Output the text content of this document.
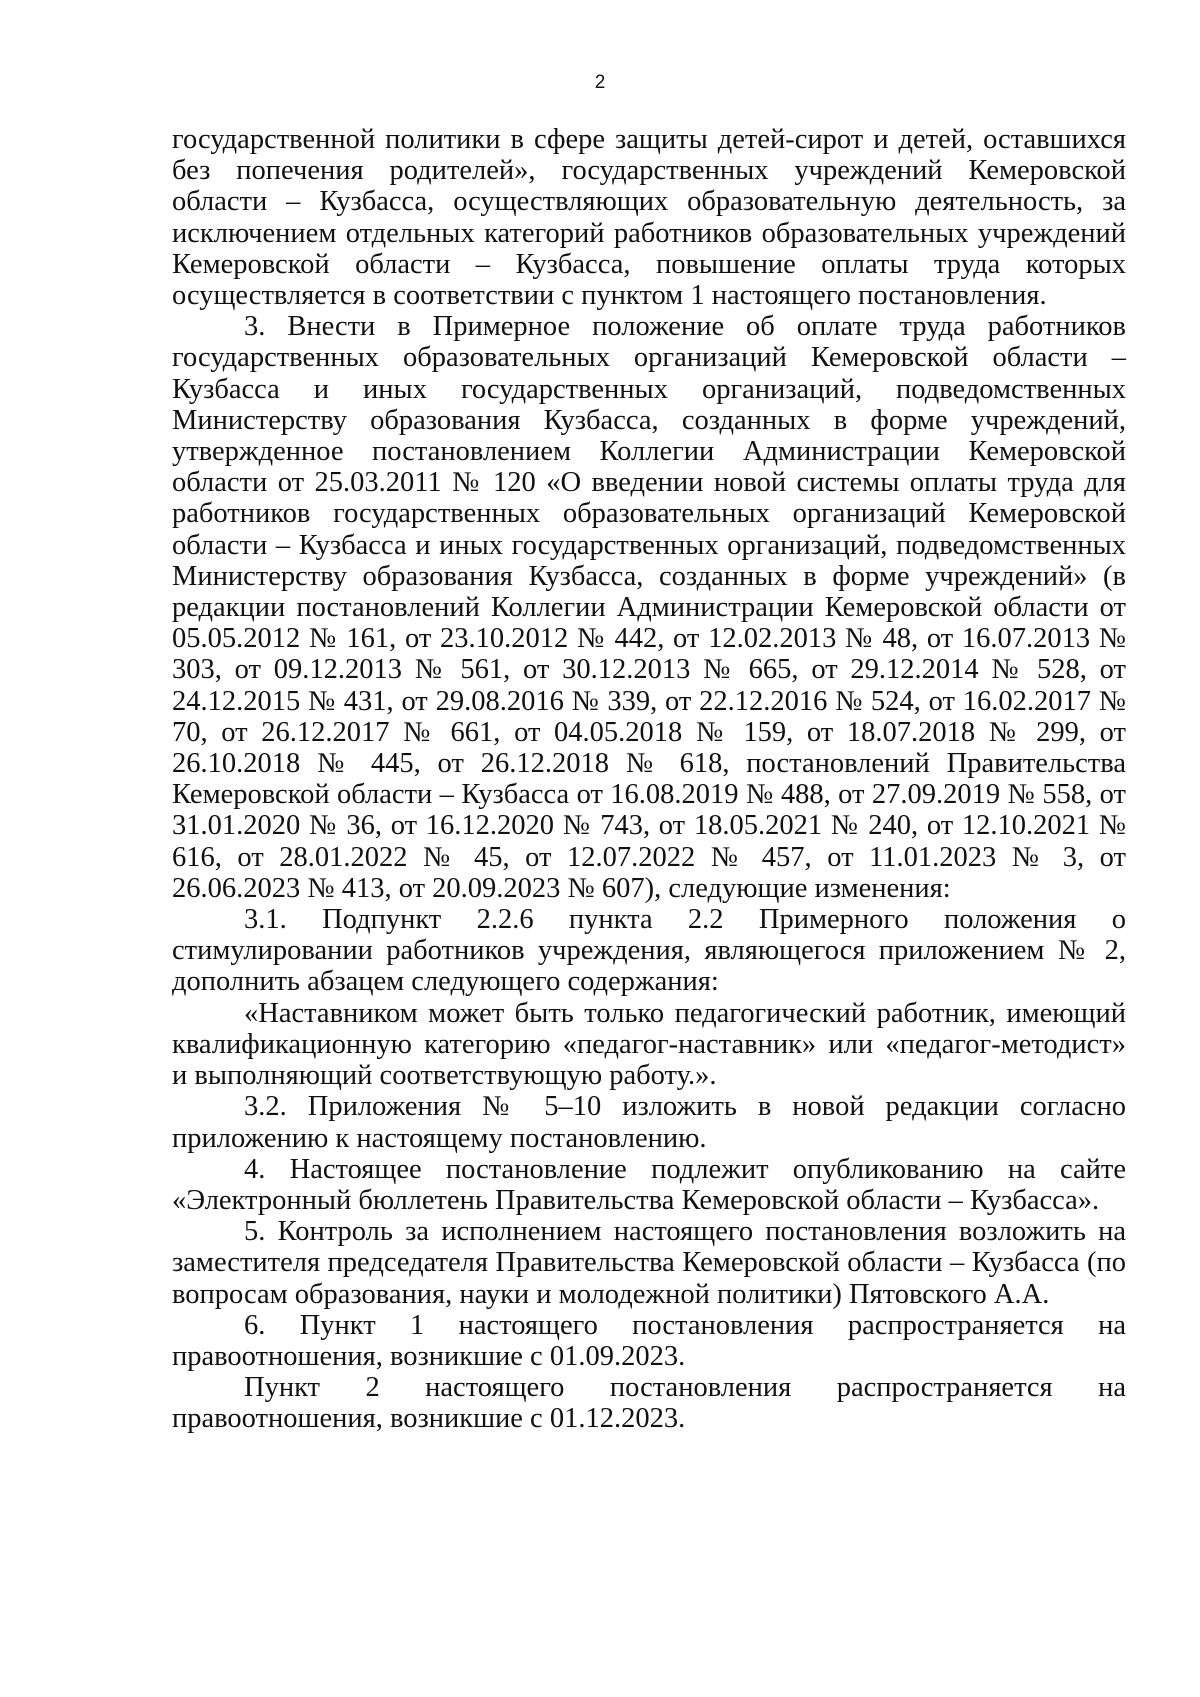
2

государственной политики в сфере защиты детей-сирот и детей, оставшихся без попечения родителей», государственных учреждений Кемеровской области – Кузбасса, осуществляющих образовательную деятельность, за исключением отдельных категорий работников образовательных учреждений Кемеровской области – Кузбасса, повышение оплаты труда которых осуществляется в соответствии с пунктом 1 настоящего постановления.

3. Внести в Примерное положение об оплате труда работников государственных образовательных организаций Кемеровской области – Кузбасса и иных государственных организаций, подведомственных Министерству образования Кузбасса, созданных в форме учреждений, утвержденное постановлением Коллегии Администрации Кемеровской области от 25.03.2011 № 120 «О введении новой системы оплаты труда для работников государственных образовательных организаций Кемеровской области – Кузбасса и иных государственных организаций, подведомственных Министерству образования Кузбасса, созданных в форме учреждений» (в редакции постановлений Коллегии Администрации Кемеровской области от 05.05.2012 № 161, от 23.10.2012 № 442, от 12.02.2013 № 48, от 16.07.2013 № 303, от 09.12.2013 № 561, от 30.12.2013 № 665, от 29.12.2014 № 528, от 24.12.2015 № 431, от 29.08.2016 № 339, от 22.12.2016 № 524, от 16.02.2017 № 70, от 26.12.2017 № 661, от 04.05.2018 № 159, от 18.07.2018 № 299, от 26.10.2018 № 445, от 26.12.2018 № 618, постановлений Правительства Кемеровской области – Кузбасса от 16.08.2019 № 488, от 27.09.2019 № 558, от 31.01.2020 № 36, от 16.12.2020 № 743, от 18.05.2021 № 240, от 12.10.2021 № 616, от 28.01.2022 № 45, от 12.07.2022 № 457, от 11.01.2023 № 3, от 26.06.2023 № 413, от 20.09.2023 № 607), следующие изменения:

3.1. Подпункт 2.2.6 пункта 2.2 Примерного положения о стимулировании работников учреждения, являющегося приложением № 2, дополнить абзацем следующего содержания:

«Наставником может быть только педагогический работник, имеющий квалификационную категорию «педагог-наставник» или «педагог-методист» и выполняющий соответствующую работу.».

3.2. Приложения № 5–10 изложить в новой редакции согласно приложению к настоящему постановлению.

4. Настоящее постановление подлежит опубликованию на сайте «Электронный бюллетень Правительства Кемеровской области – Кузбасса».

5. Контроль за исполнением настоящего постановления возложить на заместителя председателя Правительства Кемеровской области – Кузбасса (по вопросам образования, науки и молодежной политики) Пятовского А.А.

6. Пункт 1 настоящего постановления распространяется на правоотношения, возникшие с 01.09.2023.

Пункт 2 настоящего постановления распространяется на правоотношения, возникшие с 01.12.2023.
